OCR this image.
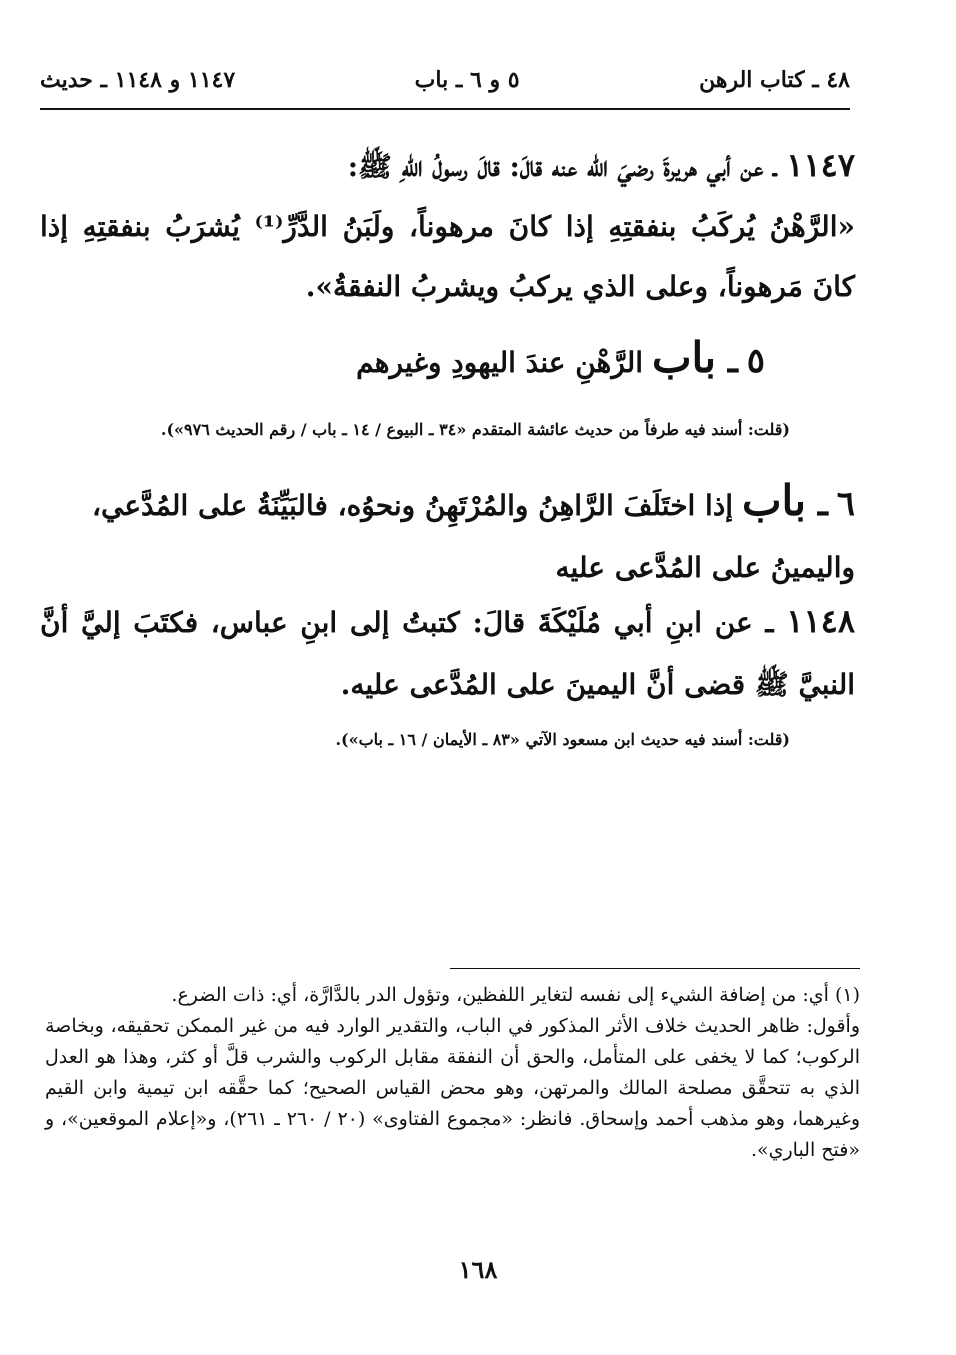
٤٨ ـ كتاب الرهن
٥ و ٦ ـ باب
١١٤٧ و ١١٤٨ ـ حديث
١١٤٧ ـ عن أبي هريرةَ رضيَ الله عنه قالَ: قالَ رسولُ اللهِ ﷺ:
«الرَّهْنُ يُركَبُ بنفقتِهِ إذا كانَ مرهوناً، ولَبَنُ الدَّرِّ⁽¹⁾ يُشرَبُ بنفقتِهِ إذا كانَ مَرهوناً، وعلى الذي يركبُ ويشربُ النفقةُ».
٥ ـ باب الرَّهْنِ عندَ اليهودِ وغيرهم
(قلت: أسند فيه طرفاً من حديث عائشة المتقدم «٣٤ ـ البيوع / ١٤ ـ باب / رقم الحديث ٩٧٦»).
٦ ـ باب إذا اختَلَفَ الرَّاهِنُ والمُرْتَهِنُ ونحوُه، فالبَيِّنَةُ على المُدَّعي، واليمينُ على المُدَّعى عليه
١١٤٨ ـ عن ابنِ أبي مُلَيْكَةَ قالَ: كتبتُ إلى ابنِ عباس، فكتَبَ إليَّ أنَّ النبيَّ ﷺ قضى أنَّ اليمينَ على المُدَّعى عليه.
(قلت: أسند فيه حديث ابن مسعود الآتي «٨٣ ـ الأيمان / ١٦ ـ باب»).

(١) أي: من إضافة الشيء إلى نفسه لتغاير اللفظين، وتؤول الدر بالدَّارَّة، أي: ذات الضرع.

وأقول: ظاهر الحديث خلاف الأثر المذكور في الباب، والتقدير الوارد فيه من غير الممكن تحقيقه، وبخاصة الركوب؛ كما لا يخفى على المتأمل، والحق أن النفقة مقابل الركوب والشرب قلَّ أو كثر، وهذا هو العدل الذي به تتحقَّق مصلحة المالك والمرتهن، وهو محض القياس الصحيح؛ كما حقَّقه ابن تيمية وابن القيم وغيرهما، وهو مذهب أحمد وإسحاق. فانظر: «مجموع الفتاوى» (٢٠ / ٢٦٠ ـ ٢٦١)، و«إعلام الموقعين»، و «فتح الباري».

١٦٨
